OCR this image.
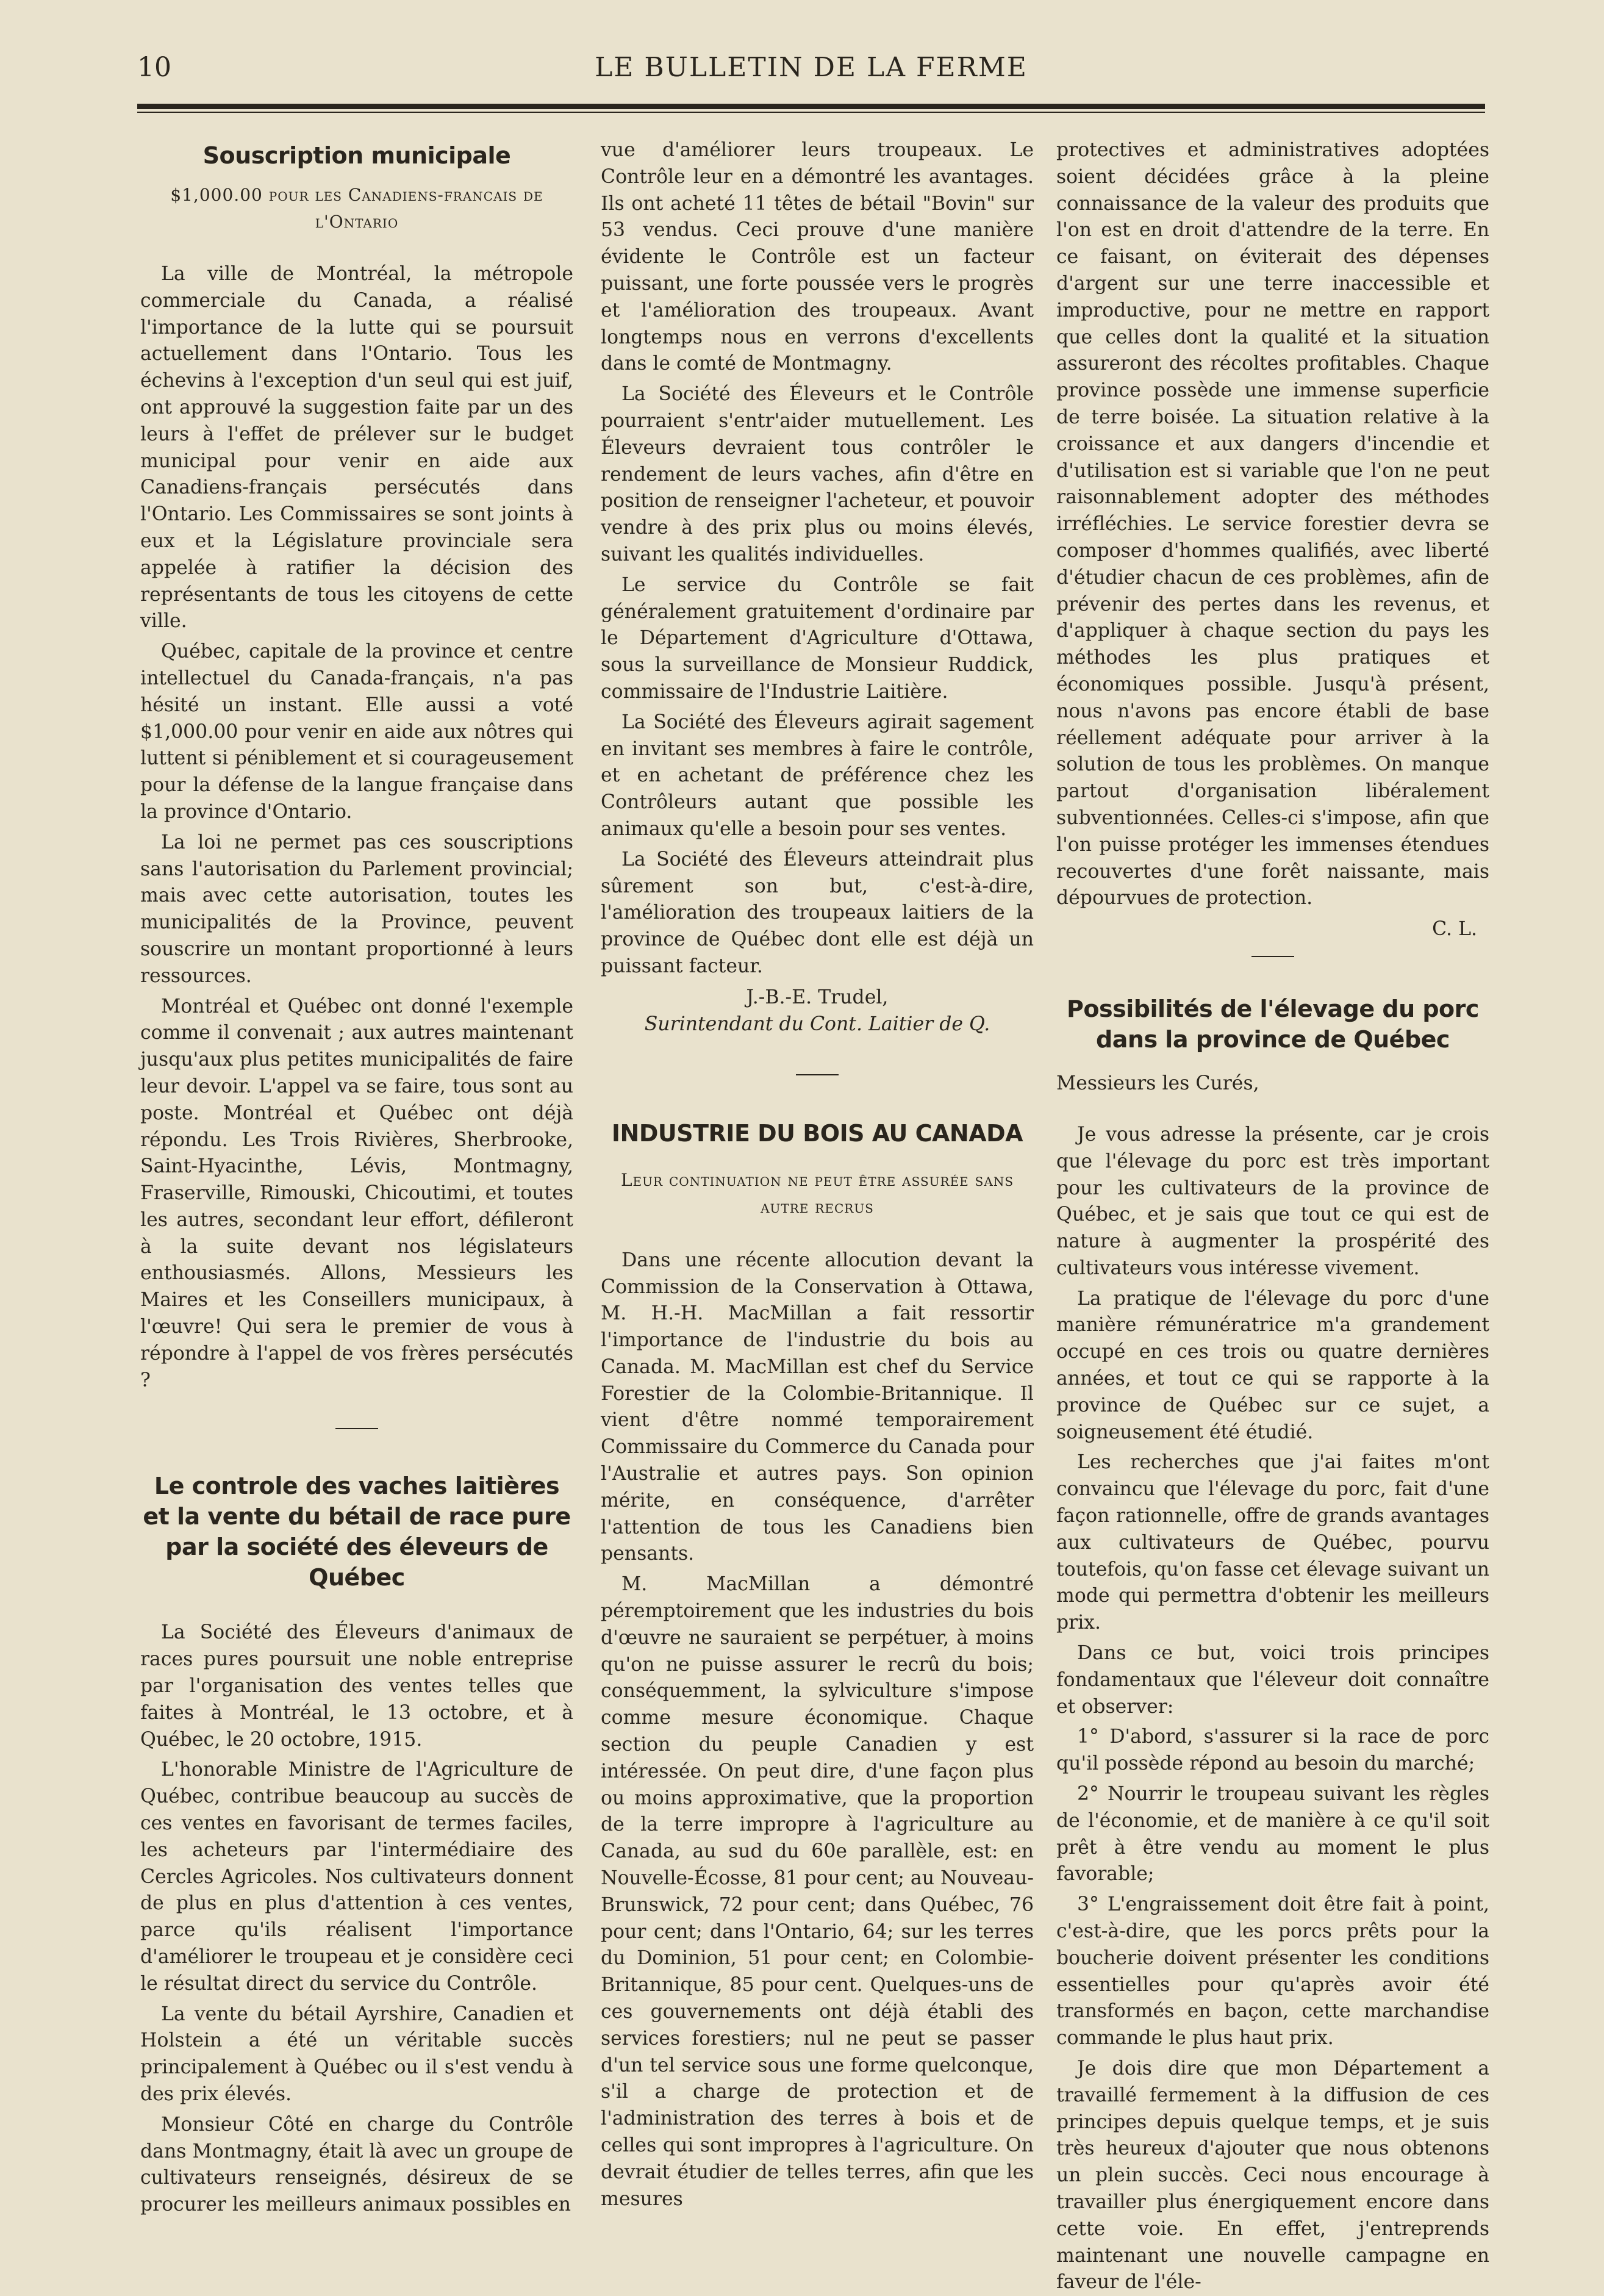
10	LE BULLETIN DE LA FERME
Souscription municipale
$1,000.00 pour les Canadiens-francais de l'Ontario

La ville de Montréal, la métropole commerciale du Canada, a réalisé l'importance de la lutte qui se poursuit actuellement dans l'Ontario. Tous les échevins à l'exception d'un seul qui est juif, ont approuvé la suggestion faite par un des leurs à l'effet de prélever sur le budget municipal pour venir en aide aux Canadiens-français persécutés dans l'Ontario. Les Commissaires se sont joints à eux et la Législature provinciale sera appelée à ratifier la décision des représentants de tous les citoyens de cette ville.

Québec, capitale de la province et centre intellectuel du Canada-français, n'a pas hésité un instant. Elle aussi a voté $1,000.00 pour venir en aide aux nôtres qui luttent si péniblement et si courageusement pour la défense de la langue française dans la province d'Ontario.

La loi ne permet pas ces souscriptions sans l'autorisation du Parlement provincial; mais avec cette autorisation, toutes les municipalités de la Province, peuvent souscrire un montant proportionné à leurs ressources.

Montréal et Québec ont donné l'exemple comme il convenait ; aux autres maintenant jusqu'aux plus petites municipalités de faire leur devoir. L'appel va se faire, tous sont au poste. Montréal et Québec ont déjà répondu. Les Trois Rivières, Sherbrooke, Saint-Hyacinthe, Lévis, Montmagny, Fraserville, Rimouski, Chicoutimi, et toutes les autres, secondant leur effort, défileront à la suite devant nos législateurs enthousiasmés. Allons, Messieurs les Maires et les Conseillers municipaux, à l'œuvre! Qui sera le premier de vous à répondre à l'appel de vos frères persécutés ?

Le controle des vaches laitières et la vente du bétail de race pure par la société des éleveurs de Québec

La Société des Éleveurs d'animaux de races pures poursuit une noble entreprise par l'organisation des ventes telles que faites à Montréal, le 13 octobre, et à Québec, le 20 octobre, 1915.

L'honorable Ministre de l'Agriculture de Québec, contribue beaucoup au succès de ces ventes en favorisant de termes faciles, les acheteurs par l'intermédiaire des Cercles Agricoles. Nos cultivateurs donnent de plus en plus d'attention à ces ventes, parce qu'ils réalisent l'importance d'améliorer le troupeau et je considère ceci le résultat direct du service du Contrôle.

La vente du bétail Ayrshire, Canadien et Holstein a été un véritable succès principalement à Québec ou il s'est vendu à des prix élevés.

Monsieur Côté en charge du Contrôle dans Montmagny, était là avec un groupe de cultivateurs renseignés, désireux de se procurer les meilleurs animaux possibles en

vue d'améliorer leurs troupeaux. Le Contrôle leur en a démontré les avantages. Ils ont acheté 11 têtes de bétail "Bovin" sur 53 vendus. Ceci prouve d'une manière évidente le Contrôle est un facteur puissant, une forte poussée vers le progrès et l'amélioration des troupeaux. Avant longtemps nous en verrons d'excellents dans le comté de Montmagny.

La Société des Éleveurs et le Contrôle pourraient s'entr'aider mutuellement. Les Éleveurs devraient tous contrôler le rendement de leurs vaches, afin d'être en position de renseigner l'acheteur, et pouvoir vendre à des prix plus ou moins élevés, suivant les qualités individuelles.

Le service du Contrôle se fait généralement gratuitement d'ordinaire par le Département d'Agriculture d'Ottawa, sous la surveillance de Monsieur Ruddick, commissaire de l'Industrie Laitière.

La Société des Éleveurs agirait sagement en invitant ses membres à faire le contrôle, et en achetant de préférence chez les Contrôleurs autant que possible les animaux qu'elle a besoin pour ses ventes.

La Société des Éleveurs atteindrait plus sûrement son but, c'est-à-dire, l'amélioration des troupeaux laitiers de la province de Québec dont elle est déjà un puissant facteur.

J.-B.-E. Trudel,
Surintendant du Cont. Laitier de Q.
INDUSTRIE DU BOIS AU CANADA
Leur continuation ne peut être assurée sans autre recrus

Dans une récente allocution devant la Commission de la Conservation à Ottawa, M. H.-H. MacMillan a fait ressortir l'importance de l'industrie du bois au Canada. M. MacMillan est chef du Service Forestier de la Colombie-Britannique. Il vient d'être nommé temporairement Commissaire du Commerce du Canada pour l'Australie et autres pays. Son opinion mérite, en conséquence, d'arrêter l'attention de tous les Canadiens bien pensants.

M. MacMillan a démontré péremptoirement que les industries du bois d'œuvre ne sauraient se perpétuer, à moins qu'on ne puisse assurer le recrû du bois; conséquemment, la sylviculture s'impose comme mesure économique. Chaque section du peuple Canadien y est intéressée. On peut dire, d'une façon plus ou moins approximative, que la proportion de la terre impropre à l'agriculture au Canada, au sud du 60e parallèle, est: en Nouvelle-Écosse, 81 pour cent; au Nouveau-Brunswick, 72 pour cent; dans Québec, 76 pour cent; dans l'Ontario, 64; sur les terres du Dominion, 51 pour cent; en Colombie-Britannique, 85 pour cent. Quelques-uns de ces gouvernements ont déjà établi des services forestiers; nul ne peut se passer d'un tel service sous une forme quelconque, s'il a charge de protection et de l'administration des terres à bois et de celles qui sont impropres à l'agriculture. On devrait étudier de telles terres, afin que les mesures

protectives et administratives adoptées soient décidées grâce à la pleine connaissance de la valeur des produits que l'on est en droit d'attendre de la terre. En ce faisant, on éviterait des dépenses d'argent sur une terre inaccessible et improductive, pour ne mettre en rapport que celles dont la qualité et la situation assureront des récoltes profitables. Chaque province possède une immense superficie de terre boisée. La situation relative à la croissance et aux dangers d'incendie et d'utilisation est si variable que l'on ne peut raisonnablement adopter des méthodes irréfléchies. Le service forestier devra se composer d'hommes qualifiés, avec liberté d'étudier chacun de ces problèmes, afin de prévenir des pertes dans les revenus, et d'appliquer à chaque section du pays les méthodes les plus pratiques et économiques possible. Jusqu'à présent, nous n'avons pas encore établi de base réellement adéquate pour arriver à la solution de tous les problèmes. On manque partout d'organisation libéralement subventionnées. Celles-ci s'impose, afin que l'on puisse protéger les immenses étendues recouvertes d'une forêt naissante, mais dépourvues de protection.

C. L.
Possibilités de l'élevage du porc dans la province de Québec

Messieurs les Curés,

Je vous adresse la présente, car je crois que l'élevage du porc est très important pour les cultivateurs de la province de Québec, et je sais que tout ce qui est de nature à augmenter la prospérité des cultivateurs vous intéresse vivement.

La pratique de l'élevage du porc d'une manière rémunératrice m'a grandement occupé en ces trois ou quatre dernières années, et tout ce qui se rapporte à la province de Québec sur ce sujet, a soigneusement été étudié.

Les recherches que j'ai faites m'ont convaincu que l'élevage du porc, fait d'une façon rationnelle, offre de grands avantages aux cultivateurs de Québec, pourvu toutefois, qu'on fasse cet élevage suivant un mode qui permettra d'obtenir les meilleurs prix.

Dans ce but, voici trois principes fondamentaux que l'éleveur doit connaître et observer:

1° D'abord, s'assurer si la race de porc qu'il possède répond au besoin du marché;

2° Nourrir le troupeau suivant les règles de l'économie, et de manière à ce qu'il soit prêt à être vendu au moment le plus favorable;

3° L'engraissement doit être fait à point, c'est-à-dire, que les porcs prêts pour la boucherie doivent présenter les conditions essentielles pour qu'après avoir été transformés en baçon, cette marchandise commande le plus haut prix.

Je dois dire que mon Département a travaillé fermement à la diffusion de ces principes depuis quelque temps, et je suis très heureux d'ajouter que nous obtenons un plein succès. Ceci nous encourage à travailler plus énergiquement encore dans cette voie. En effet, j'entreprends maintenant une nouvelle campagne en faveur de l'éle-
